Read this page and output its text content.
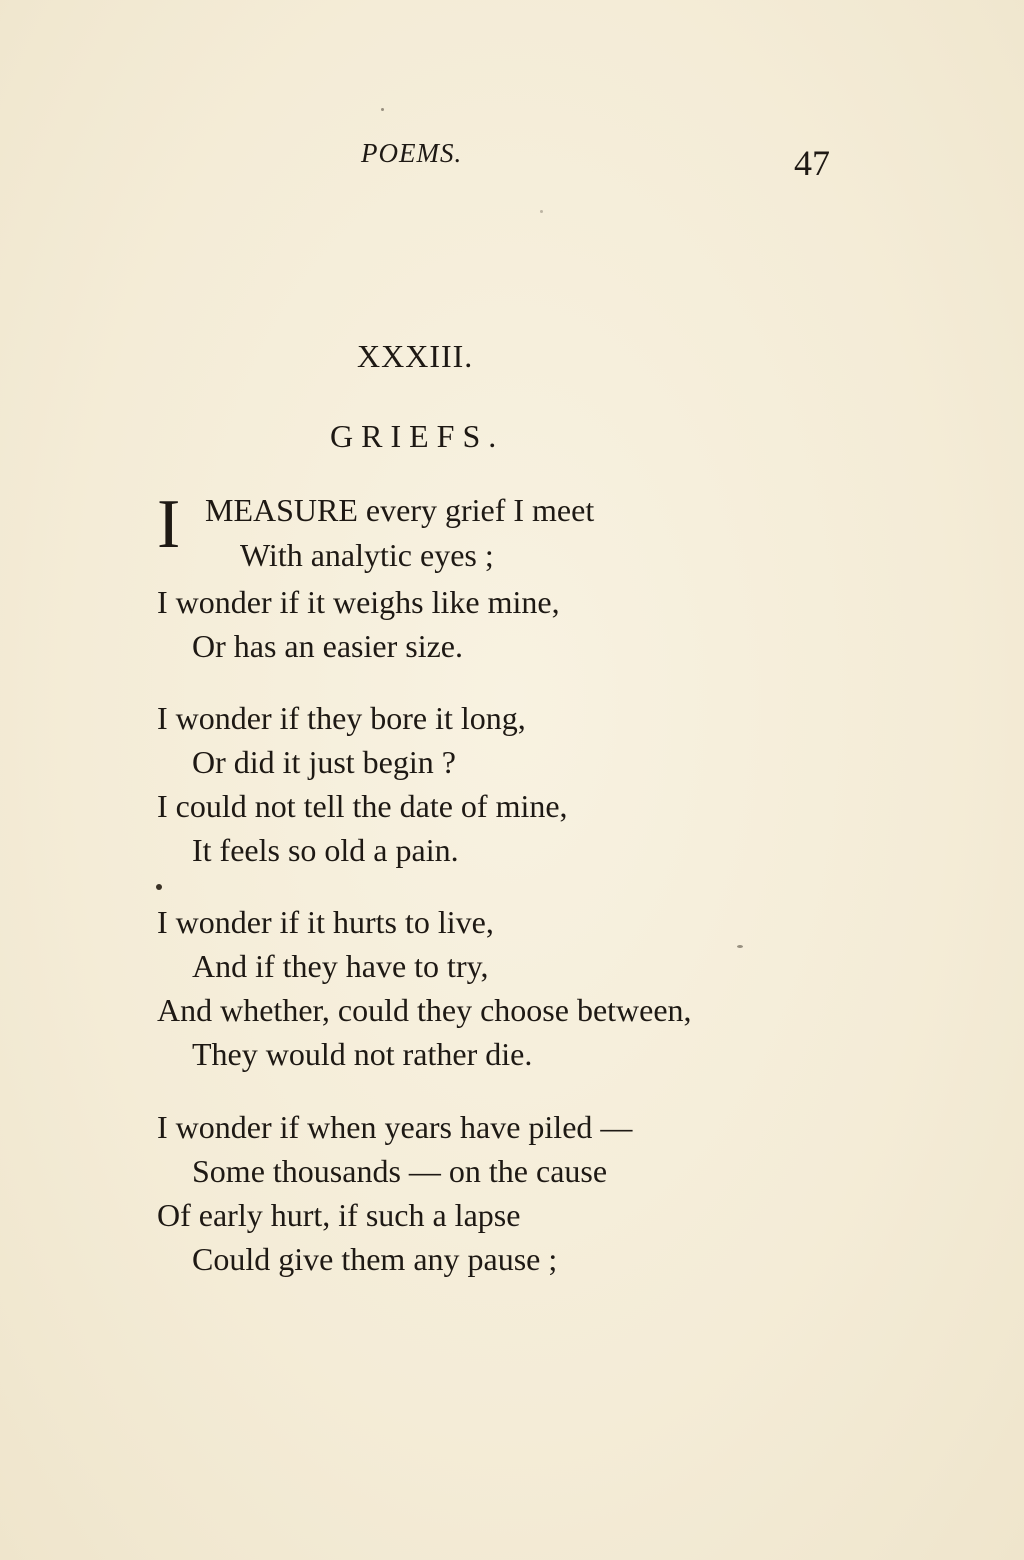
POEMS.	47
XXXIII.
GRIEFS.
I MEASURE every grief I meet
With analytic eyes ;
I wonder if it weighs like mine,
Or has an easier size.
I wonder if they bore it long,
Or did it just begin ?
I could not tell the date of mine,
It feels so old a pain.
I wonder if it hurts to live,
And if they have to try,
And whether, could they choose between,
They would not rather die.
I wonder if when years have piled —
Some thousands — on the cause
Of early hurt, if such a lapse
Could give them any pause ;
